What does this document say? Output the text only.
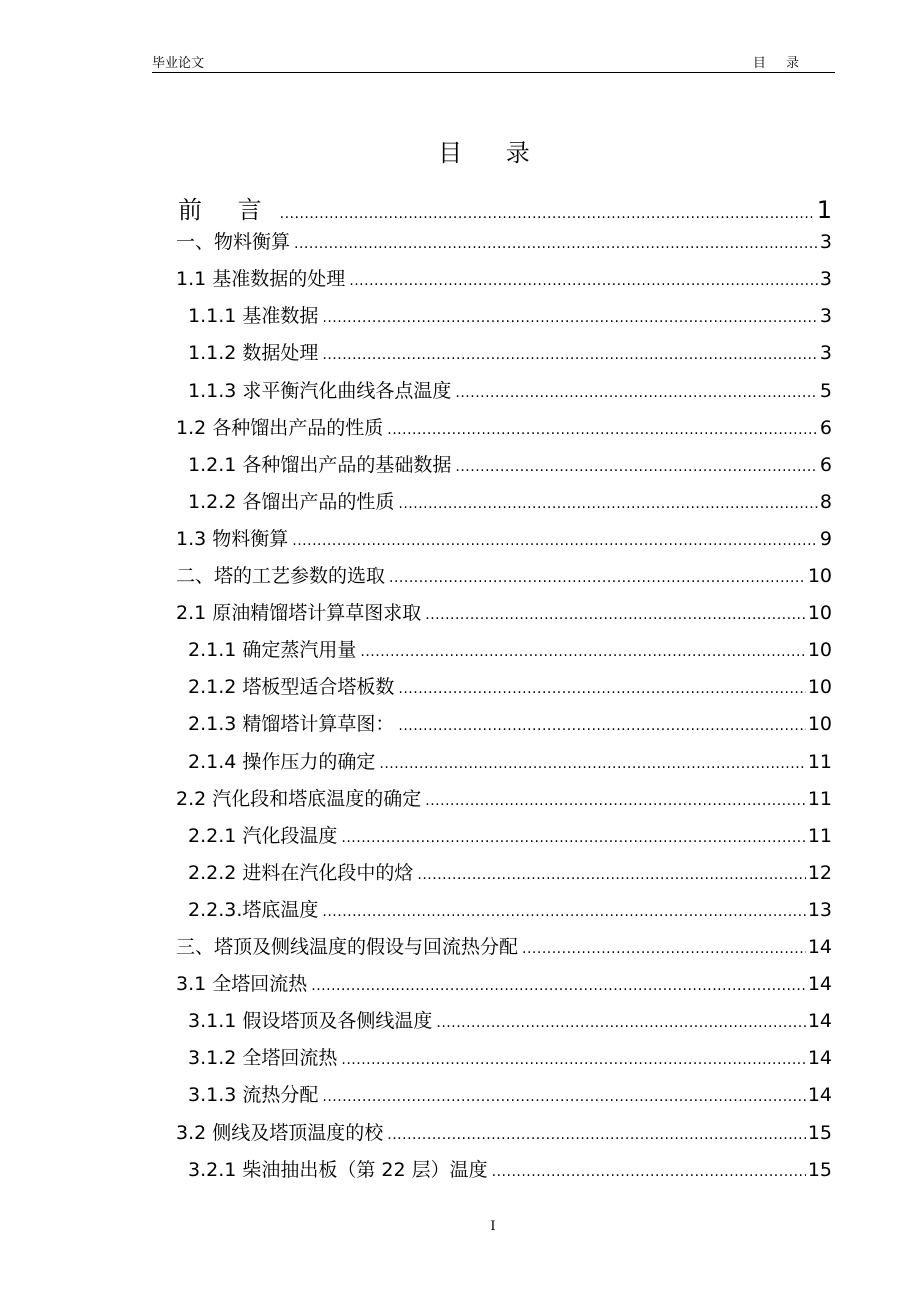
毕业论文	目 录
目 录
前 言 .....	1
一、物料衡算 .....	3
1.1 基准数据的处理 .....	3
1.1.1 基准数据 .....	3
1.1.2 数据处理 .....	3
1.1.3 求平衡汽化曲线各点温度 .....	5
1.2 各种馏出产品的性质 .....	6
1.2.1 各种馏出产品的基础数据 .....	6
1.2.2 各馏出产品的性质 .....	8
1.3 物料衡算 .....	9
二、塔的工艺参数的选取 .....	10
2.1 原油精馏塔计算草图求取 .....	10
2.1.1 确定蒸汽用量 .....	10
2.1.2 塔板型适合塔板数 .....	10
2.1.3 精馏塔计算草图： .....	10
2.1.4 操作压力的确定 .....	11
2.2 汽化段和塔底温度的确定 .....	11
2.2.1 汽化段温度 .....	11
2.2.2 进料在汽化段中的焓 .....	12
2.2.3.塔底温度 .....	13
三、塔顶及侧线温度的假设与回流热分配 .....	14
3.1 全塔回流热 .....	14
3.1.1 假设塔顶及各侧线温度 .....	14
3.1.2 全塔回流热 .....	14
3.1.3 流热分配 .....	14
3.2 侧线及塔顶温度的校 .....	15
3.2.1 柴油抽出板（第 22 层）温度 .....	15
I
